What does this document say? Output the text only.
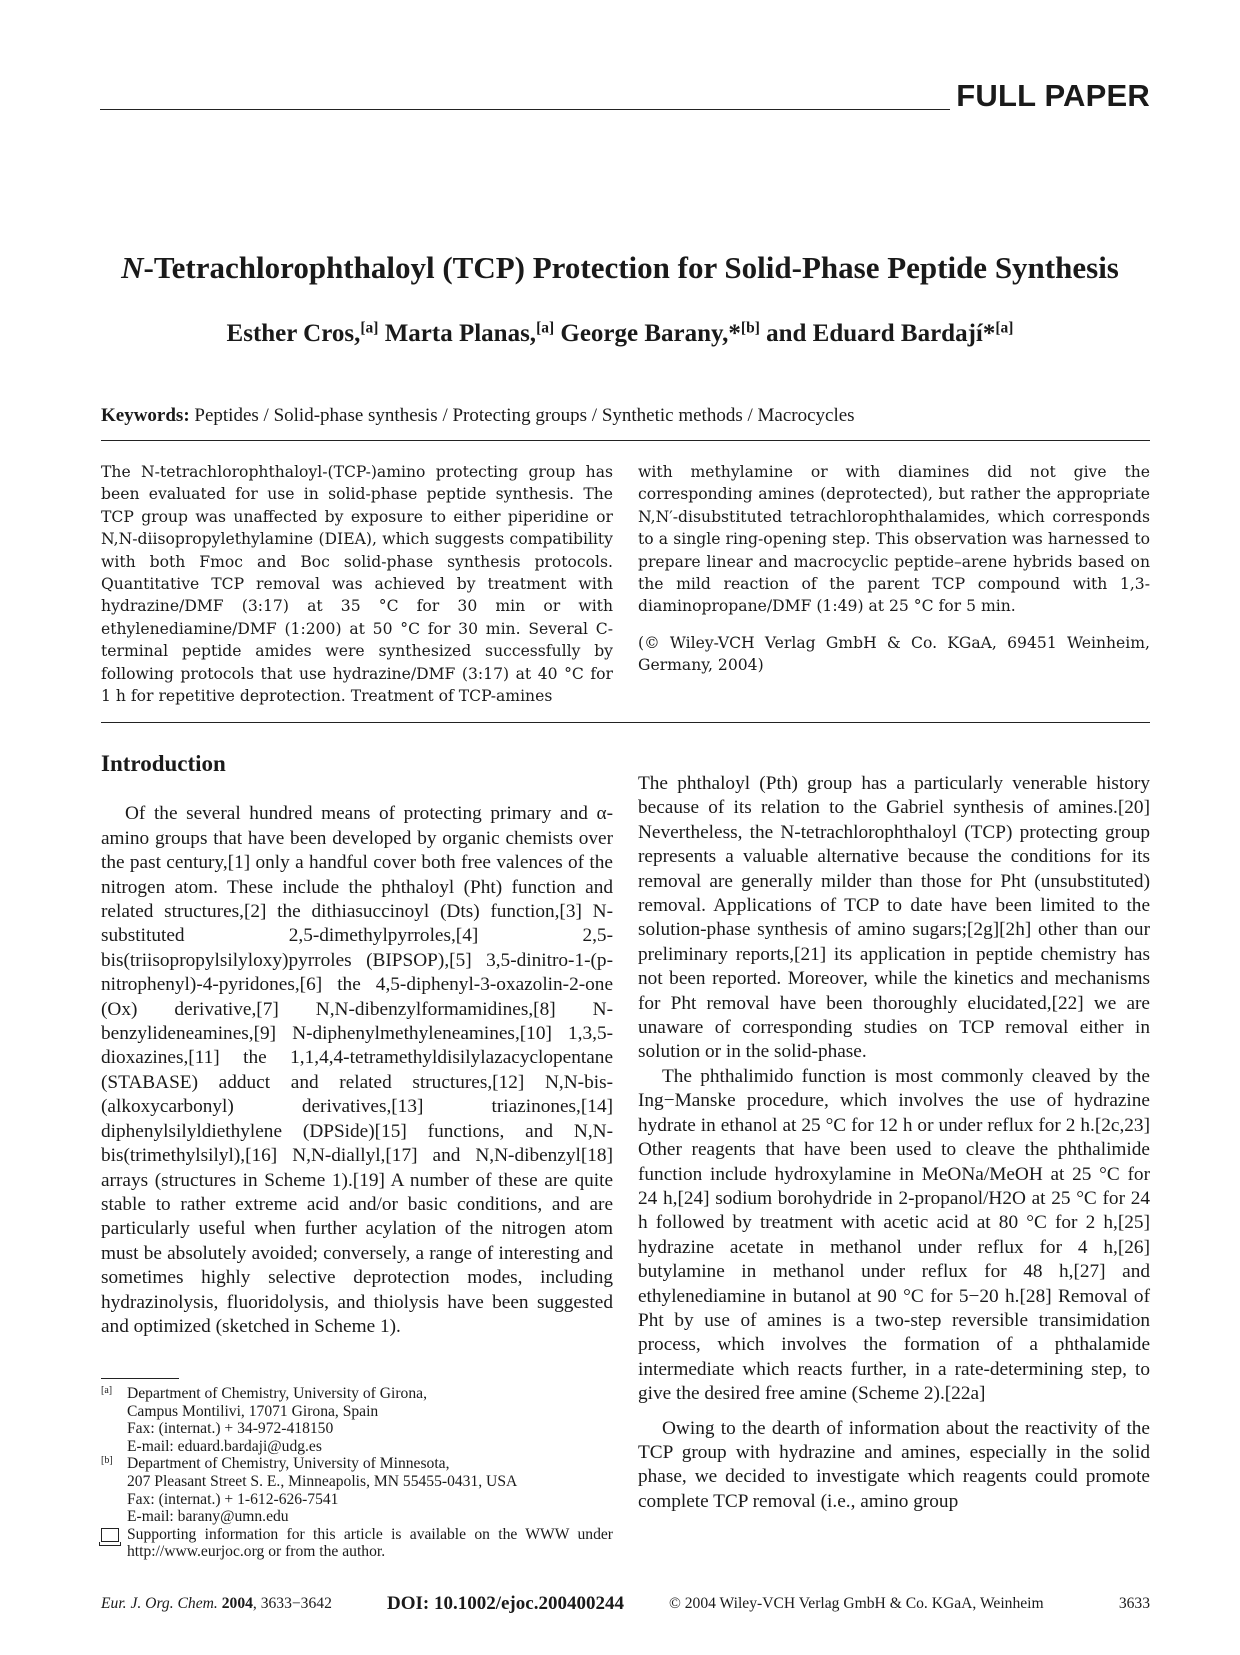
FULL PAPER
N-Tetrachlorophthaloyl (TCP) Protection for Solid-Phase Peptide Synthesis
Esther Cros,[a] Marta Planas,[a] George Barany,*[b] and Eduard Bardají*[a]
Keywords: Peptides / Solid-phase synthesis / Protecting groups / Synthetic methods / Macrocycles
The N-tetrachlorophthaloyl-(TCP-)amino protecting group has been evaluated for use in solid-phase peptide synthesis. The TCP group was unaffected by exposure to either piperidine or N,N-diisopropylethylamine (DIEA), which suggests compatibility with both Fmoc and Boc solid-phase synthesis protocols. Quantitative TCP removal was achieved by treatment with hydrazine/DMF (3:17) at 35 °C for 30 min or with ethylenediamine/DMF (1:200) at 50 °C for 30 min. Several C-terminal peptide amides were synthesized successfully by following protocols that use hydrazine/DMF (3:17) at 40 °C for 1 h for repetitive deprotection. Treatment of TCP-amines

with methylamine or with diamines did not give the corresponding amines (deprotected), but rather the appropriate N,N′-disubstituted tetrachlorophthalamides, which corresponds to a single ring-opening step. This observation was harnessed to prepare linear and macrocyclic peptide–arene hybrids based on the mild reaction of the parent TCP compound with 1,3-diaminopropane/DMF (1:49) at 25 °C for 5 min.

(© Wiley-VCH Verlag GmbH & Co. KGaA, 69451 Weinheim, Germany, 2004)

Introduction

Of the several hundred means of protecting primary and α-amino groups that have been developed by organic chemists over the past century,[1] only a handful cover both free valences of the nitrogen atom. These include the phthaloyl (Pht) function and related structures,[2] the dithiasuccinoyl (Dts) function,[3] N-substituted 2,5-dimethylpyrroles,[4] 2,5-bis(triisopropylsilyloxy)pyrroles (BIPSOP),[5] 3,5-dinitro-1-(p-nitrophenyl)-4-pyridones,[6] the 4,5-diphenyl-3-oxazolin-2-one (Ox) derivative,[7] N,N-dibenzylformamidines,[8] N-benzylideneamines,[9] N-diphenylmethyleneamines,[10] 1,3,5-dioxazines,[11] the 1,1,4,4-tetramethyldisilylazacyclopentane (STABASE) adduct and related structures,[12] N,N-bis-(alkoxycarbonyl) derivatives,[13] triazinones,[14] diphenylsilyldiethylene (DPSide)[15] functions, and N,N-bis(trimethylsilyl),[16] N,N-diallyl,[17] and N,N-dibenzyl[18] arrays (structures in Scheme 1).[19] A number of these are quite stable to rather extreme acid and/or basic conditions, and are particularly useful when further acylation of the nitrogen atom must be absolutely avoided; conversely, a range of interesting and sometimes highly selective deprotection modes, including hydrazinolysis, fluoridolysis, and thiolysis have been suggested and optimized (sketched in Scheme 1).

The phthaloyl (Pth) group has a particularly venerable history because of its relation to the Gabriel synthesis of amines.[20] Nevertheless, the N-tetrachlorophthaloyl (TCP) protecting group represents a valuable alternative because the conditions for its removal are generally milder than those for Pht (unsubstituted) removal. Applications of TCP to date have been limited to the solution-phase synthesis of amino sugars;[2g][2h] other than our preliminary reports,[21] its application in peptide chemistry has not been reported. Moreover, while the kinetics and mechanisms for Pht removal have been thoroughly elucidated,[22] we are unaware of corresponding studies on TCP removal either in solution or in the solid-phase.

The phthalimido function is most commonly cleaved by the Ing−Manske procedure, which involves the use of hydrazine hydrate in ethanol at 25 °C for 12 h or under reflux for 2 h.[2c,23] Other reagents that have been used to cleave the phthalimide function include hydroxylamine in MeONa/MeOH at 25 °C for 24 h,[24] sodium borohydride in 2-propanol/H2O at 25 °C for 24 h followed by treatment with acetic acid at 80 °C for 2 h,[25] hydrazine acetate in methanol under reflux for 4 h,[26] butylamine in methanol under reflux for 48 h,[27] and ethylenediamine in butanol at 90 °C for 5−20 h.[28] Removal of Pht by use of amines is a two-step reversible transimidation process, which involves the formation of a phthalamide intermediate which reacts further, in a rate-determining step, to give the desired free amine (Scheme 2).[22a]

Owing to the dearth of information about the reactivity of the TCP group with hydrazine and amines, especially in the solid phase, we decided to investigate which reagents could promote complete TCP removal (i.e., amino group

[a] Department of Chemistry, University of Girona,
Campus Montilivi, 17071 Girona, Spain
Fax: (internat.) + 34-972-418150
E-mail: eduard.bardaji@udg.es
[b] Department of Chemistry, University of Minnesota,
207 Pleasant Street S. E., Minneapolis, MN 55455-0431, USA
Fax: (internat.) + 1-612-626-7541
E-mail: barany@umn.edu
Supporting information for this article is available on the WWW under http://www.eurjoc.org or from the author.
Eur. J. Org. Chem. 2004, 3633−3642	DOI: 10.1002/ejoc.200400244	© 2004 Wiley-VCH Verlag GmbH & Co. KGaA, Weinheim	3633
